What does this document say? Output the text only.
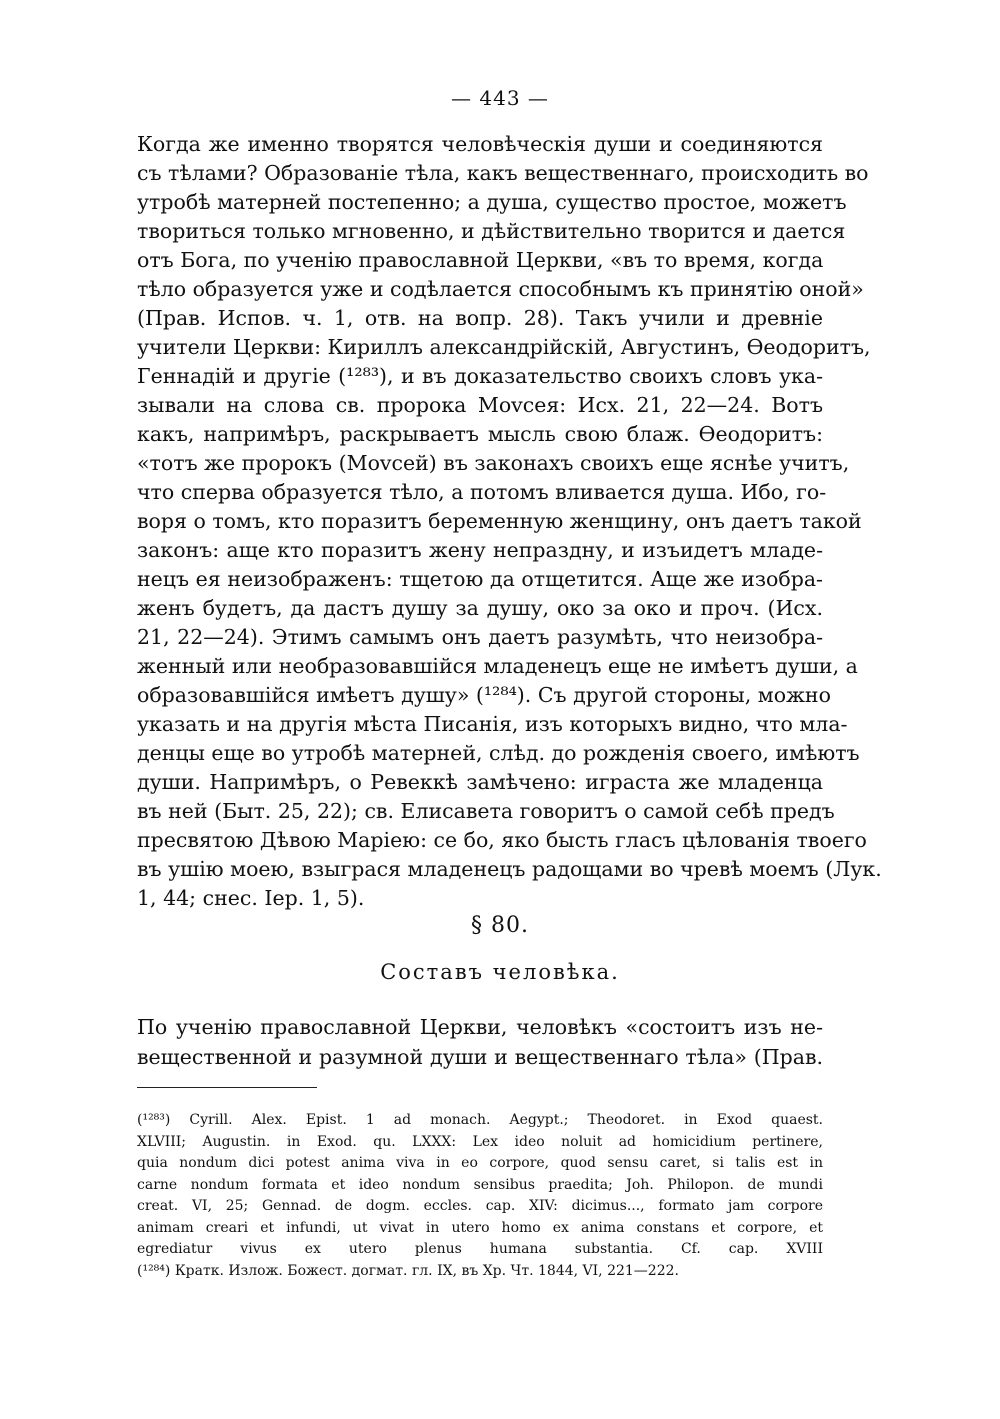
— 443 —
Когда же именно творятся человѣческія души и соединяются
съ тѣлами? Образованіе тѣла, какъ вещественнаго, происходить во
утробѣ матерней постепенно; а душа, существо простое, можетъ
твориться только мгновенно, и дѣйствительно творится и дается
отъ Бога, по ученію православной Церкви, «въ то время, когда
тѣло образуется уже и содѣлается способнымъ къ принятію оной»
(Прав. Испов. ч. 1, отв. на вопр. 28). Такъ учили и древніе
учители Церкви: Кириллъ александрійскій, Августинъ, Ѳеодоритъ,
Геннадій и другіе (¹²⁸³), и въ доказательство своихъ словъ ука-
зывали на слова св. пророка Моvсея: Исх. 21, 22—24. Вотъ
какъ, напримѣръ, раскрываетъ мысль свою блаж. Ѳеодоритъ:
«тотъ же пророкъ (Моvсей) въ законахъ своихъ еще яснѣе учитъ,
что сперва образуется тѣло, а потомъ вливается душа. Ибо, го-
воря о томъ, кто поразитъ беременную женщину, онъ даетъ такой
законъ: аще кто поразитъ жену непраздну, и изъидетъ младе-
нецъ ея неизображенъ: тщетою да отщетится. Аще же изобра-
женъ будетъ, да дастъ душу за душу, око за око и проч. (Исх.
21, 22—24). Этимъ самымъ онъ даетъ разумѣть, что неизобра-
женный или необразовавшійся младенецъ еще не имѣетъ души, а
образовавшійся имѣетъ душу» (¹²⁸⁴). Съ другой стороны, можно
указать и на другія мѣста Писанія, изъ которыхъ видно, что мла-
денцы еще во утробѣ матерней, слѣд. до рожденія своего, имѣютъ
души. Напримѣръ, о Ревеккѣ замѣчено: играста же младенца
въ ней (Быт. 25, 22); св. Елисавета говоритъ о самой себѣ предъ
пресвятою Дѣвою Маріею: се бо, яко бысть гласъ цѣлованія твоего
въ ушію моею, взыграся младенецъ радощами во чревѣ моемъ (Лук.
1, 44; снес. Іер. 1, 5).
§ 80.
Составъ человѣка.
По ученію православной Церкви, человѣкъ «состоитъ изъ не-
вещественной и разумной души и вещественнаго тѣла» (Прав.
(¹²⁸³) Cyrill. Alex. Epist. 1 ad monach. Aegypt.; Theodoret. in Exod quaest.
XLVIII; Augustin. in Exod. qu. LXXX: Lex ideo noluit ad homicidium pertinere,
quia nondum dici potest anima viva in eo corpore, quod sensu caret, si talis est in
carne nondum formata et ideo nondum sensibus praedita; Joh. Philopon. de mundi
creat. VI, 25; Gennad. de dogm. eccles. cap. XIV: dicimus..., formato jam corpore
animam creari et infundi, ut vivat in utero homo ex anima constans et corpore, et
egrediatur vivus ex utero plenus humana substantia. Cf. cap. XVIII
(¹²⁸⁴) Кратк. Излож. Божест. догмат. гл. IX, въ Хр. Чт. 1844, VI, 221—222.
